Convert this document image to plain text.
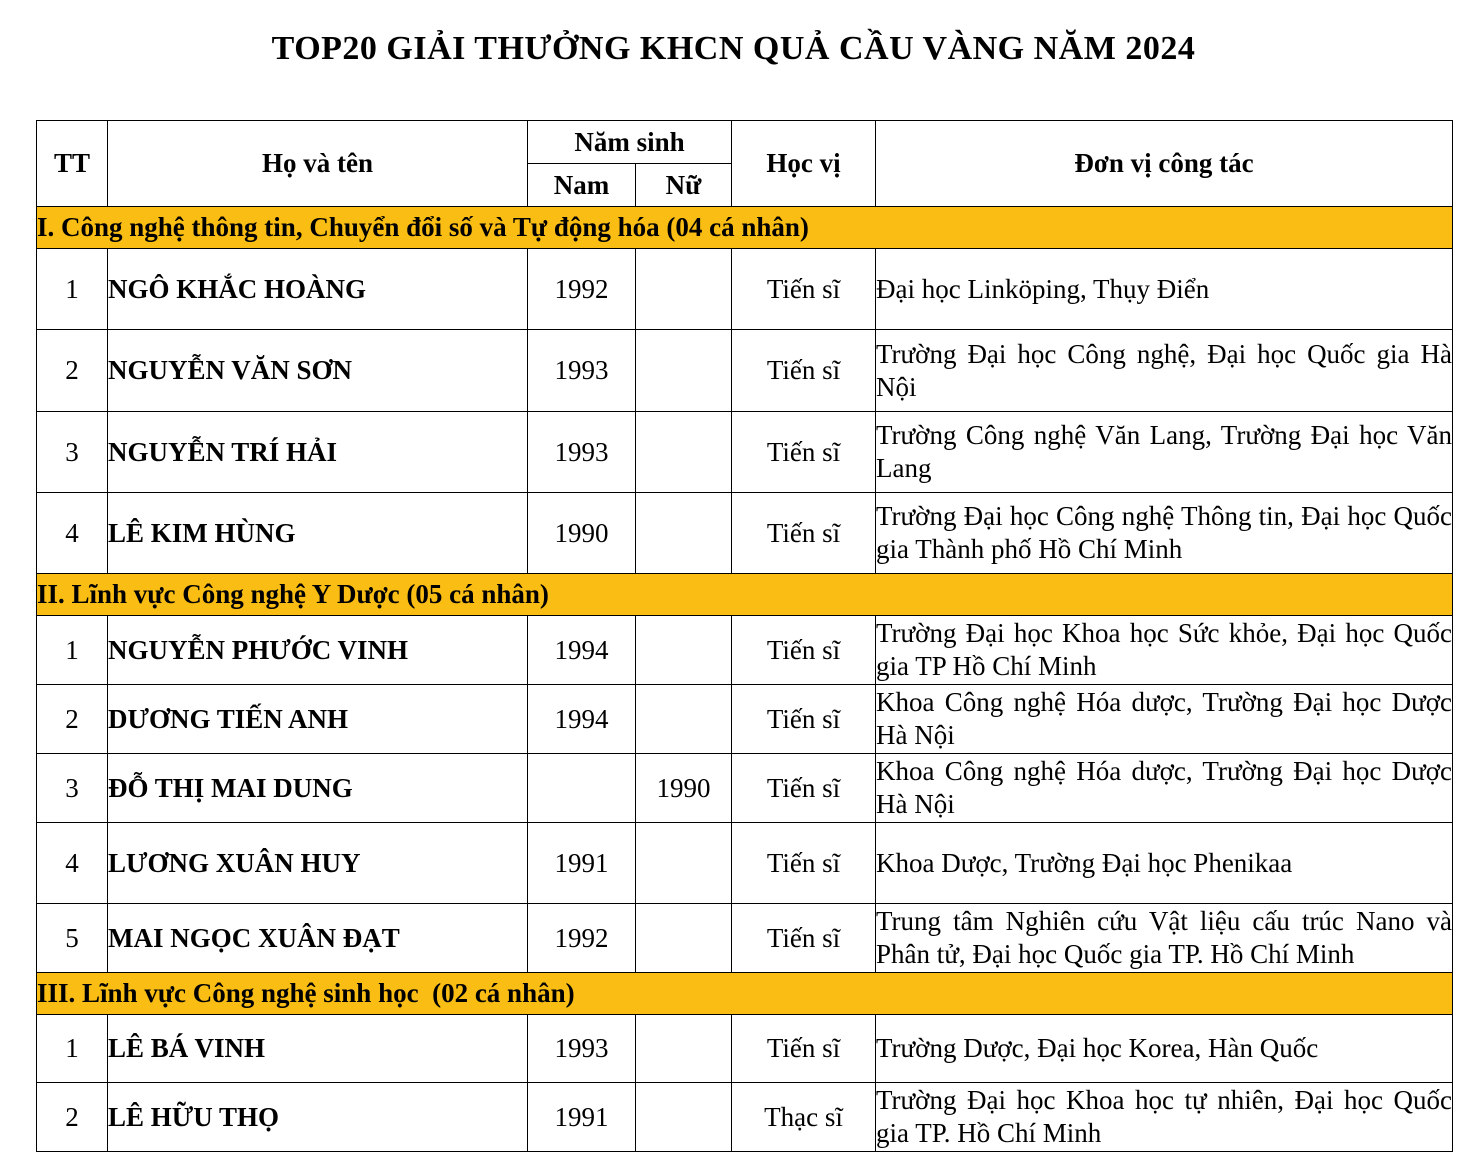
TOP20 GIẢI THƯỞNG KHCN QUẢ CẦU VÀNG NĂM 2024
TT	Họ và tên	Năm sinh		Học vị	Đơn vị công tác
		Nam	Nữ		
I. Công nghệ thông tin, Chuyển đổi số và Tự động hóa (04 cá nhân)					
1	NGÔ KHẮC HOÀNG	1992		Tiến sĩ	Đại học Linköping, Thụy Điển
2	NGUYỄN VĂN SƠN	1993		Tiến sĩ	Trường Đại học Công nghệ, Đại học Quốc gia Hà Nội
3	NGUYỄN TRÍ HẢI	1993		Tiến sĩ	Trường Công nghệ Văn Lang, Trường Đại học Văn Lang
4	LÊ KIM HÙNG	1990		Tiến sĩ	Trường Đại học Công nghệ Thông tin, Đại học Quốc gia Thành phố Hồ Chí Minh
II. Lĩnh vực Công nghệ Y Dược (05 cá nhân)					
1	NGUYỄN PHƯỚC VINH	1994		Tiến sĩ	Trường Đại học Khoa học Sức khỏe, Đại học Quốc gia TP Hồ Chí Minh
2	DƯƠNG TIẾN ANH	1994		Tiến sĩ	Khoa Công nghệ Hóa dược, Trường Đại học Dược Hà Nội
3	ĐỖ THỊ MAI DUNG		1990	Tiến sĩ	Khoa Công nghệ Hóa dược, Trường Đại học Dược Hà Nội
4	LƯƠNG XUÂN HUY	1991		Tiến sĩ	Khoa Dược, Trường Đại học Phenikaa
5	MAI NGỌC XUÂN ĐẠT	1992		Tiến sĩ	Trung tâm Nghiên cứu Vật liệu cấu trúc Nano và Phân tử, Đại học Quốc gia TP. Hồ Chí Minh
III. Lĩnh vực Công nghệ sinh học  (02 cá nhân)					
1	LÊ BÁ VINH	1993		Tiến sĩ	Trường Dược, Đại học Korea, Hàn Quốc
2	LÊ HỮU THỌ	1991		Thạc sĩ	Trường Đại học Khoa học tự nhiên, Đại học Quốc gia TP. Hồ Chí Minh
